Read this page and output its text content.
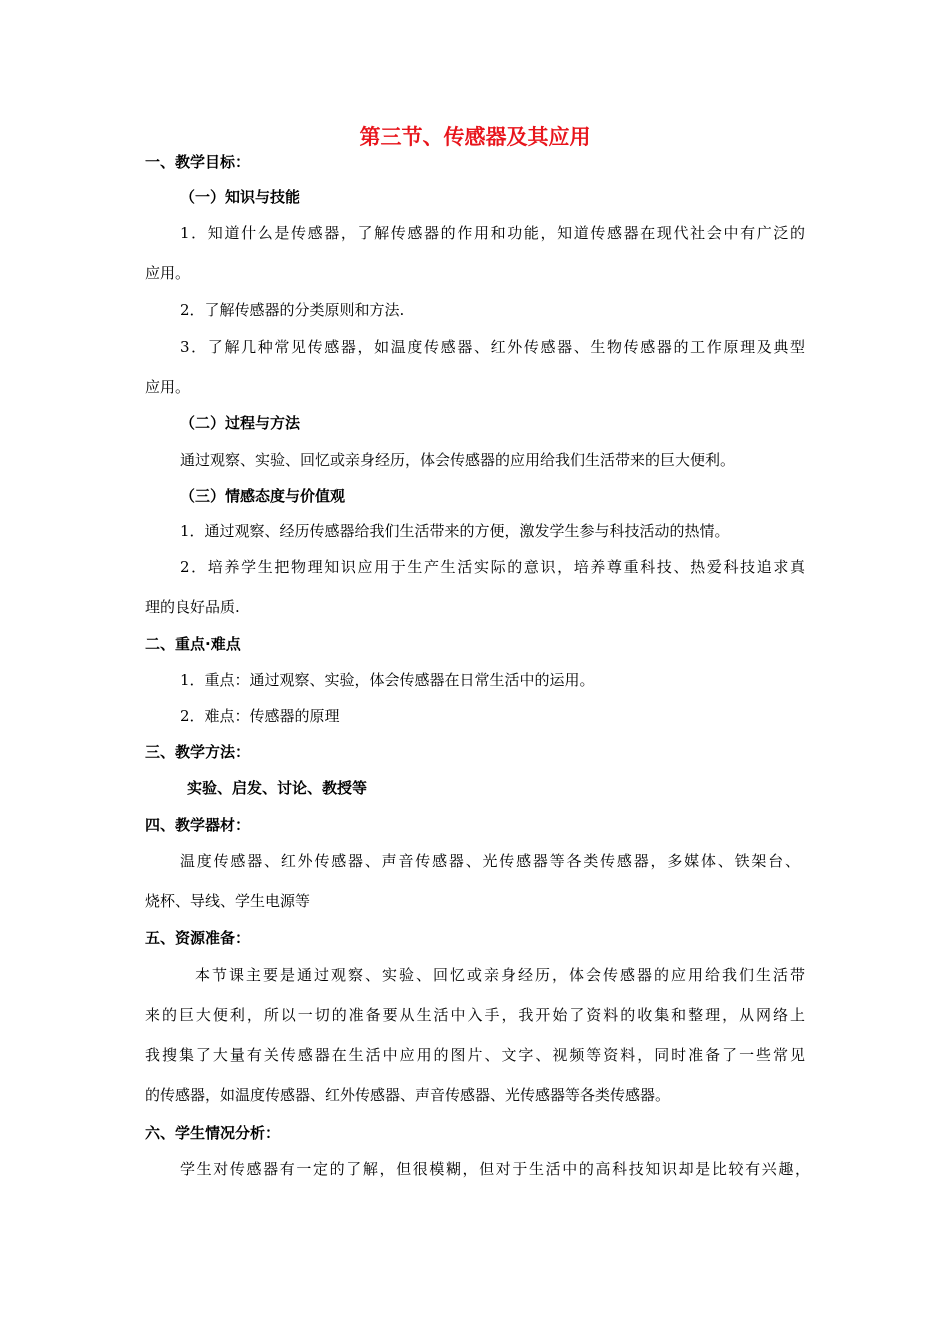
第三节、传感器及其应用
一、教学目标：
（一）知识与技能
1．知道什么是传感器，了解传感器的作用和功能，知道传感器在现代社会中有广泛的
应用。
2．了解传感器的分类原则和方法.
3．了解几种常见传感器，如温度传感器、红外传感器、生物传感器的工作原理及典型
应用。
（二）过程与方法
通过观察、实验、回忆或亲身经历，体会传感器的应用给我们生活带来的巨大便利。
（三）情感态度与价值观
1．通过观察、经历传感器给我们生活带来的方便，激发学生参与科技活动的热情。
2．培养学生把物理知识应用于生产生活实际的意识，培养尊重科技、热爱科技追求真
理的良好品质.
二、重点·难点
1．重点：通过观察、实验，体会传感器在日常生活中的运用。
2．难点：传感器的原理
三、教学方法：
实验、启发、讨论、教授等
四、教学器材：
温度传感器、红外传感器、声音传感器、光传感器等各类传感器，多媒体、铁架台、
烧杯、导线、学生电源等
五、资源准备：
本节课主要是通过观察、实验、回忆或亲身经历，体会传感器的应用给我们生活带
来的巨大便利，所以一切的准备要从生活中入手，我开始了资料的收集和整理，从网络上
我搜集了大量有关传感器在生活中应用的图片、文字、视频等资料，同时准备了一些常见
的传感器，如温度传感器、红外传感器、声音传感器、光传感器等各类传感器。
六、学生情况分析：
学生对传感器有一定的了解，但很模糊，但对于生活中的高科技知识却是比较有兴趣，
